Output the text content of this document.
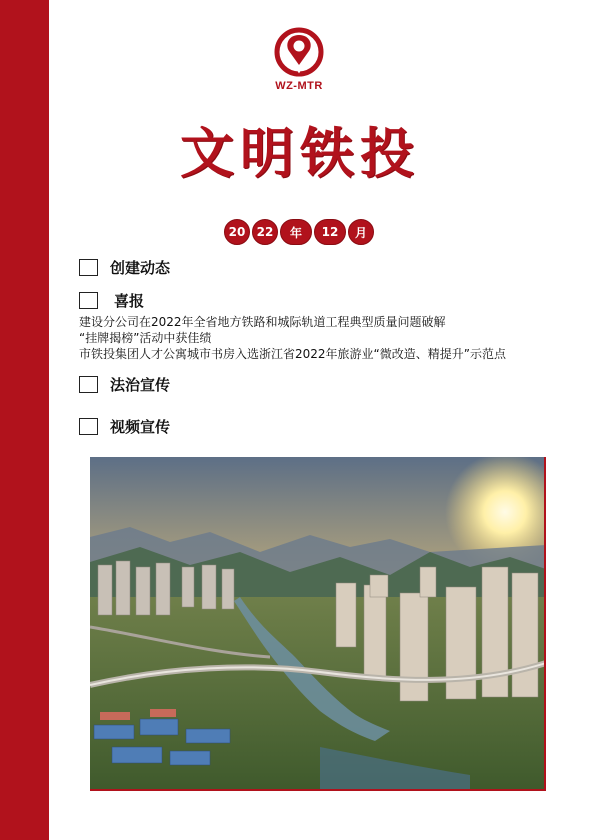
WZ-MTR
文明铁投
20 22	年	12	月
创建动态
喜报
建设分公司在2022年全省地方铁路和城际轨道工程典型质量问题破解
“挂牌揭榜”活动中获佳绩
市铁投集团人才公寓城市书房入选浙江省2022年旅游业“微改造、精提升”示范点
法治宣传
视频宣传
